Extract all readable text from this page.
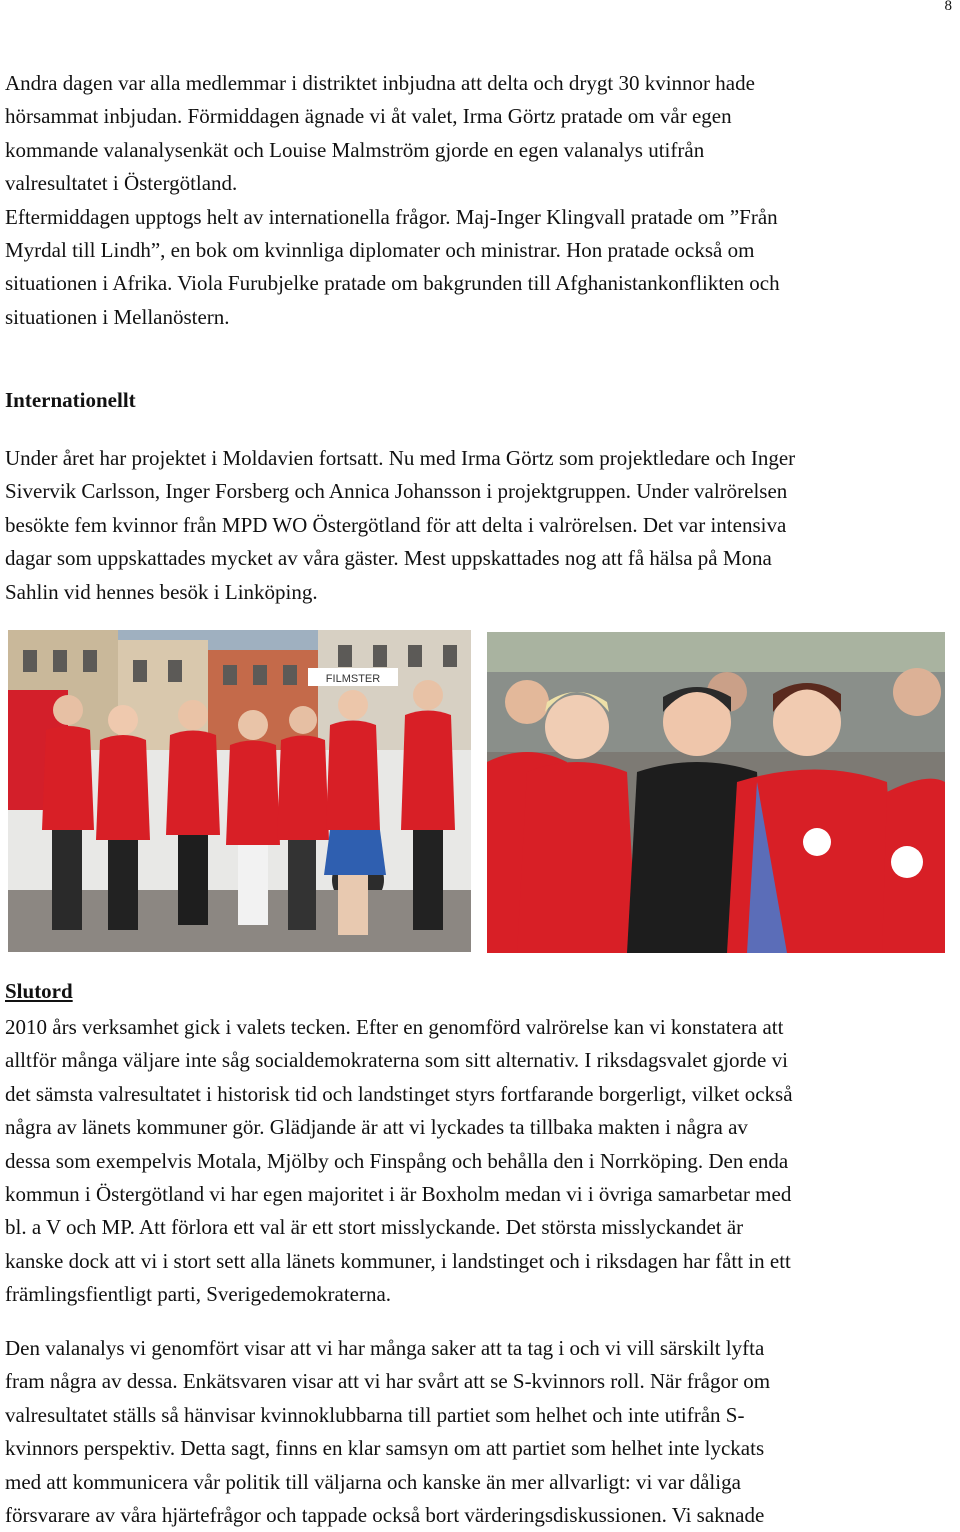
8
Andra dagen var alla medlemmar i distriktet inbjudna att delta och drygt 30 kvinnor hade
hörsammat inbjudan. Förmiddagen ägnade vi åt valet, Irma Görtz pratade om vår egen
kommande valanalysenkät och Louise Malmström gjorde en egen valanalys utifrån
valresultatet i Östergötland.
Eftermiddagen upptogs helt av internationella frågor. Maj-Inger Klingvall pratade om ”Från
Myrdal till Lindh”, en bok om kvinnliga diplomater och ministrar. Hon pratade också om
situationen i Afrika. Viola Furubjelke pratade om bakgrunden till Afghanistankonflikten och
situationen i Mellanöstern.
Internationellt
Under året har projektet i Moldavien fortsatt. Nu med Irma Görtz som projektledare och Inger
Sivervik Carlsson, Inger Forsberg och Annica Johansson i projektgruppen. Under valrörelsen
besökte fem kvinnor från MPD WO Östergötland för att delta i valrörelsen. Det var intensiva
dagar som uppskattades mycket av våra gäster. Mest uppskattades nog att få hälsa på Mona
Sahlin vid hennes besök i Linköping.
FILMSTER
Slutord
2010 års verksamhet gick i valets tecken. Efter en genomförd valrörelse kan vi konstatera att
alltför många väljare inte såg socialdemokraterna som sitt alternativ. I riksdagsvalet gjorde vi
det sämsta valresultatet i historisk tid och landstinget styrs fortfarande borgerligt, vilket också
några av länets kommuner gör. Glädjande är att vi lyckades ta tillbaka makten i några av
dessa som exempelvis Motala, Mjölby och Finspång och behålla den i Norrköping. Den enda
kommun i Östergötland vi har egen majoritet i är Boxholm medan vi i övriga samarbetar med
bl. a V och MP. Att förlora ett val är ett stort misslyckande. Det största misslyckandet är
kanske dock att vi i stort sett alla länets kommuner, i landstinget och i riksdagen har fått in ett
främlingsfientligt parti, Sverigedemokraterna.
Den valanalys vi genomfört visar att vi har många saker att ta tag i och vi vill särskilt lyfta
fram några av dessa. Enkätsvaren visar att vi har svårt att se S-kvinnors roll. När frågor om
valresultatet ställs så hänvisar kvinnoklubbarna till partiet som helhet och inte utifrån S-
kvinnors perspektiv. Detta sagt, finns en klar samsyn om att partiet som helhet inte lyckats
med att kommunicera vår politik till väljarna och kanske än mer allvarligt: vi var dåliga
försvarare av våra hjärtefrågor och tappade också bort värderingsdiskussionen. Vi saknade
